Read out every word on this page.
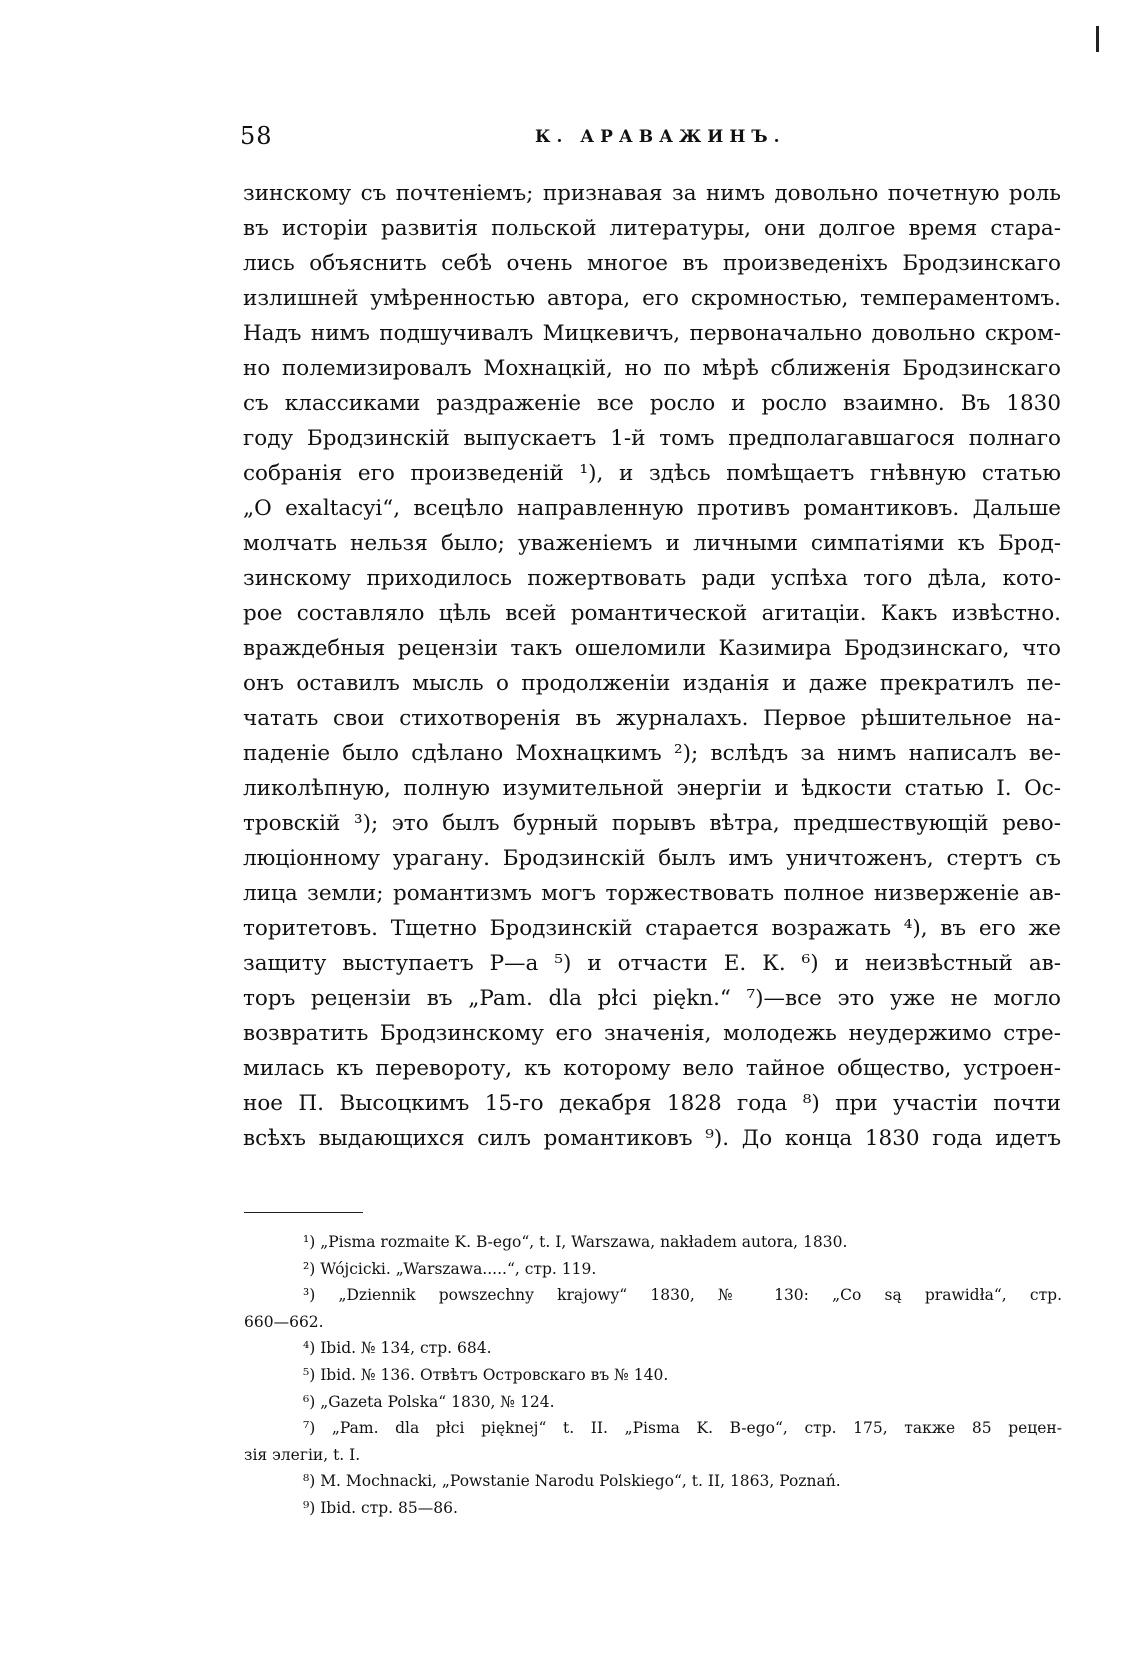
58	К. АРАВАЖИНЪ.
зинскому съ почтеніемъ; признавая за нимъ довольно почетную роль
въ исторіи развитія польской литературы, они долгое время стара-
лись объяснить себѣ очень многое въ произведеніхъ Бродзинскаго
излишней умѣренностью автора, его скромностью, темпераментомъ.
Надъ нимъ подшучивалъ Мицкевичъ, первоначально довольно скром-
но полемизировалъ Мохнацкій, но по мѣрѣ сближенія Бродзинскаго
съ классиками раздраженіе все росло и росло взаимно. Въ 1830
году Бродзинскій выпускаетъ 1-й томъ предполагавшагося полнаго
собранія его произведеній ¹), и здѣсь помѣщаетъ гнѣвную статью
„O exaltacyi“, всецѣло направленную противъ романтиковъ. Дальше
молчать нельзя было; уваженіемъ и личными симпатіями къ Брод-
зинскому приходилось пожертвовать ради успѣха того дѣла, кото-
рое составляло цѣль всей романтической агитаціи. Какъ извѣстно.
враждебныя рецензіи такъ ошеломили Казимира Бродзинскаго, что
онъ оставилъ мысль о продолженіи изданія и даже прекратилъ пе-
чатать свои стихотворенія въ журналахъ. Первое рѣшительное на-
паденіе было сдѣлано Мохнацкимъ ²); вслѣдъ за нимъ написалъ ве-
ликолѣпную, полную изумительной энергіи и ѣдкости статью I. Ос-
тровскій ³); это былъ бурный порывъ вѣтра, предшествующій рево-
люціонному урагану. Бродзинскій былъ имъ уничтоженъ, стертъ съ
лица земли; романтизмъ могъ торжествовать полное низверженіе ав-
торитетовъ. Тщетно Бродзинскій старается возражать ⁴), въ его же
защиту выступаетъ Р—а ⁵) и отчасти Е. К. ⁶) и неизвѣстный ав-
торъ рецензіи въ „Pam. dla płci piękn.“ ⁷)—все это уже не могло
возвратить Бродзинскому его значенія, молодежь неудержимо стре-
милась къ перевороту, къ которому вело тайное общество, устроен-
ное П. Высоцкимъ 15-го декабря 1828 года ⁸) при участіи почти
всѣхъ выдающихся силъ романтиковъ ⁹). До конца 1830 года идетъ
¹) „Pisma rozmaite K. B-ego“, t. I, Warszawa, nakładem autora, 1830.
²) Wójcicki. „Warszawa.....“, стр. 119.
³) „Dziennik powszechny krajowy“ 1830, № 130: „Co są prawidła“, стр.
660—662.
⁴) Ibid. № 134, стр. 684.
⁵) Ibid. № 136. Отвѣтъ Островскаго въ № 140.
⁶) „Gazeta Polska“ 1830, № 124.
⁷) „Pam. dla płci pięknej“ t. II. „Pisma K. B-ego“, стр. 175, также 85 рецен-
зія элегіи, t. I.
⁸) M. Mochnacki, „Powstanie Narodu Polskiego“, t. II, 1863, Poznań.
⁹) Ibid. стр. 85—86.
